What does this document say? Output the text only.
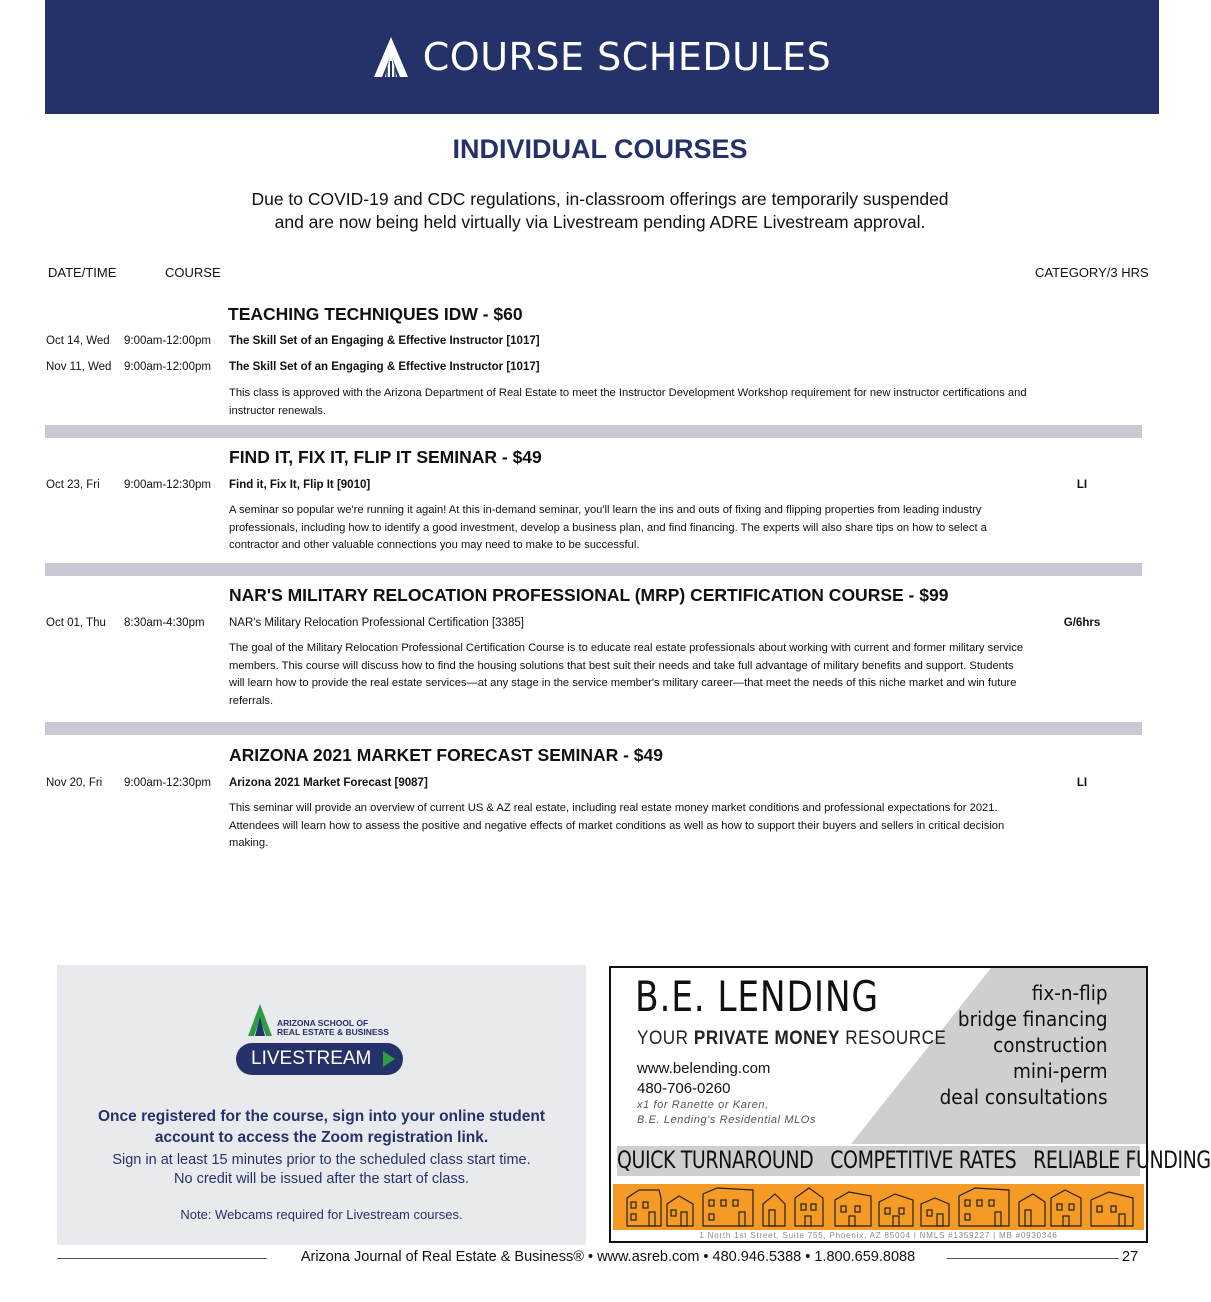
COURSE SCHEDULES
INDIVIDUAL COURSES
Due to COVID-19 and CDC regulations, in-classroom offerings are temporarily suspended
and are now being held virtually via Livestream pending ADRE Livestream approval.
DATE/TIME	COURSE	CATEGORY/3 HRS
TEACHING TECHNIQUES IDW - $60
Oct 14, Wed 9:00am-12:00pm The Skill Set of an Engaging & Effective Instructor [1017]
Nov 11, Wed 9:00am-12:00pm The Skill Set of an Engaging & Effective Instructor [1017]
This class is approved with the Arizona Department of Real Estate to meet the Instructor Development Workshop requirement for new instructor certifications and instructor renewals.
FIND IT, FIX IT, FLIP IT SEMINAR - $49
Oct 23, Fri 9:00am-12:30pm Find it, Fix It, Flip It [9010]	LI
A seminar so popular we're running it again! At this in-demand seminar, you'll learn the ins and outs of fixing and flipping properties from leading industry professionals, including how to identify a good investment, develop a business plan, and find financing. The experts will also share tips on how to select a contractor and other valuable connections you may need to make to be successful.
NAR'S MILITARY RELOCATION PROFESSIONAL (MRP) CERTIFICATION COURSE - $99
Oct 01, Thu 8:30am-4:30pm NAR's Military Relocation Professional Certification [3385]	G/6hrs
The goal of the Military Relocation Professional Certification Course is to educate real estate professionals about working with current and former military service members. This course will discuss how to find the housing solutions that best suit their needs and take full advantage of military benefits and support. Students will learn how to provide the real estate services—at any stage in the service member's military career—that meet the needs of this niche market and win future referrals.
ARIZONA 2021 MARKET FORECAST SEMINAR - $49
Nov 20, Fri 9:00am-12:30pm Arizona 2021 Market Forecast [9087]	LI
This seminar will provide an overview of current US & AZ real estate, including real estate money market conditions and professional expectations for 2021. Attendees will learn how to assess the positive and negative effects of market conditions as well as how to support their buyers and sellers in critical decision making.
ARIZONA SCHOOL OF
REAL ESTATE & BUSINESS
LIVESTREAM
Once registered for the course, sign into your online student
account to access the Zoom registration link.
Sign in at least 15 minutes prior to the scheduled class start time.
No credit will be issued after the start of class.
Note: Webcams required for Livestream courses.
B.E. LENDING
YOUR PRIVATE MONEY RESOURCE
www.belending.com
480-706-0260
x1 for Ranette or Karen,
B.E. Lending's Residential MLOs
fix-n-flip
bridge financing
construction
mini-perm
deal consultations
QUICK TURNAROUND COMPETITIVE RATES RELIABLE FUNDING
1 North 1st Street, Suite 755, Phoenix, AZ 85004 | NMLS #1359227 | MB #0930346
Arizona Journal of Real Estate & Business® • www.asreb.com • 480.946.5388 • 1.800.659.8088	27
